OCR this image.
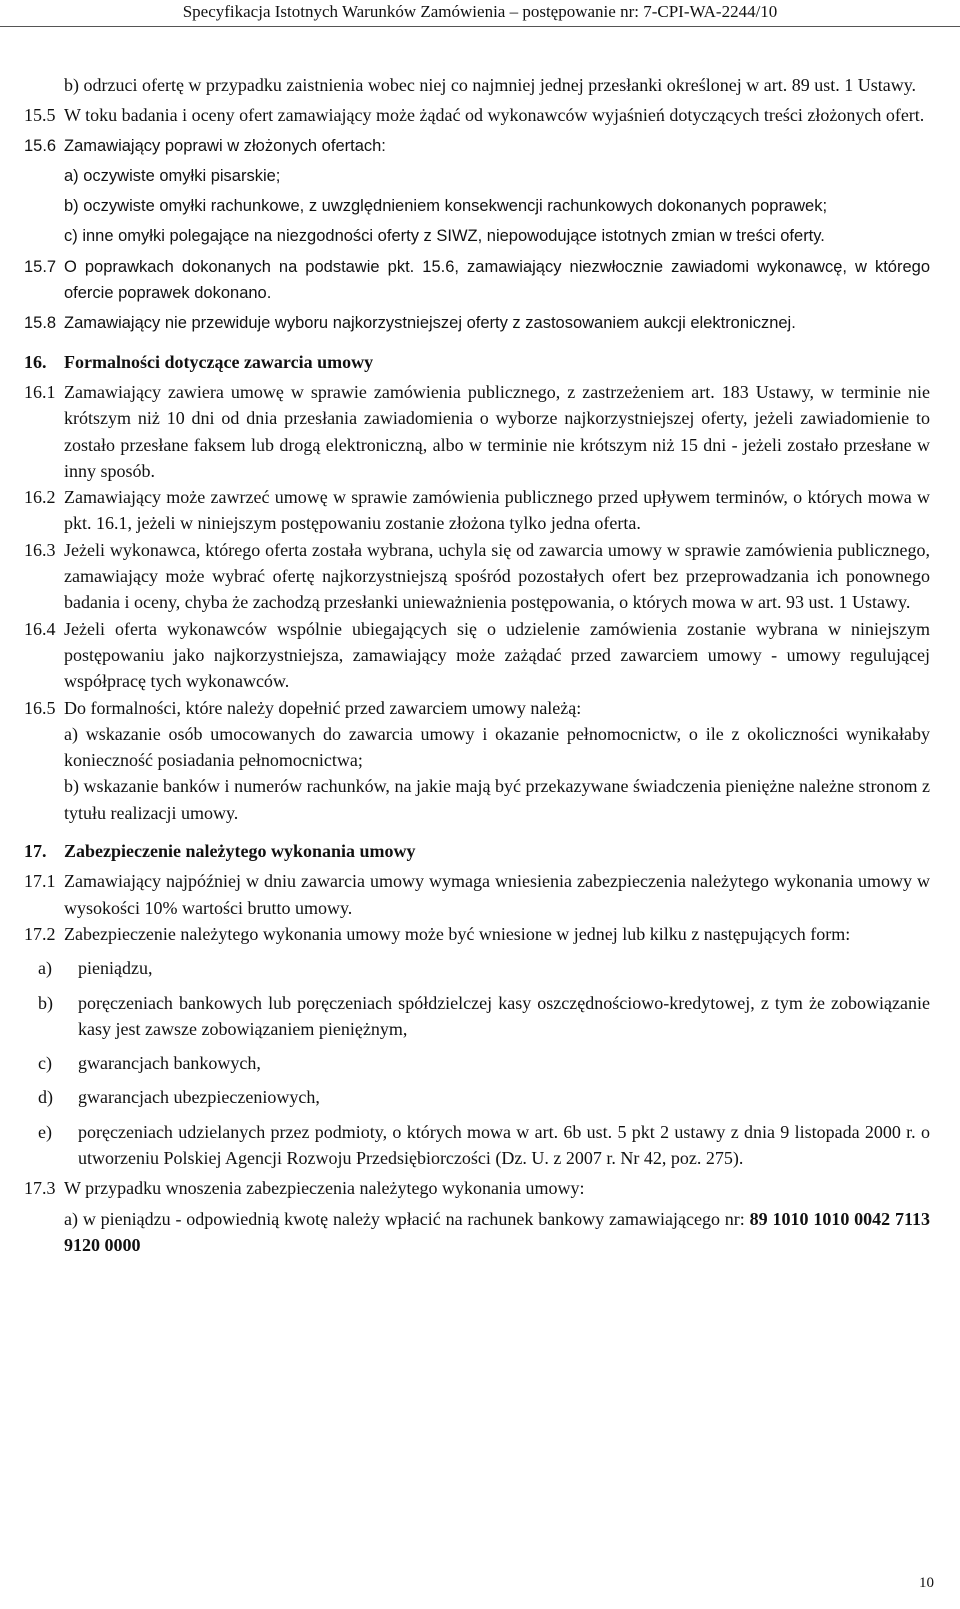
Specyfikacja Istotnych Warunków Zamówienia – postępowanie nr: 7-CPI-WA-2244/10
b) odrzuci ofertę w przypadku zaistnienia wobec niej co najmniej jednej przesłanki określonej w art. 89 ust. 1 Ustawy.
15.5 W toku badania i oceny ofert zamawiający może żądać od wykonawców wyjaśnień dotyczących treści złożonych ofert.
15.6 Zamawiający poprawi w złożonych ofertach:
a) oczywiste omyłki pisarskie;
b) oczywiste omyłki rachunkowe, z uwzględnieniem konsekwencji rachunkowych dokonanych poprawek;
c) inne omyłki polegające na niezgodności oferty z SIWZ, niepowodujące istotnych zmian w treści oferty.
15.7 O poprawkach dokonanych na podstawie pkt. 15.6, zamawiający niezwłocznie zawiadomi wykonawcę, w którego ofercie poprawek dokonano.
15.8 Zamawiający nie przewiduje wyboru najkorzystniejszej oferty z zastosowaniem aukcji elektronicznej.
16. Formalności dotyczące zawarcia umowy
16.1 Zamawiający zawiera umowę w sprawie zamówienia publicznego, z zastrzeżeniem art. 183 Ustawy, w terminie nie krótszym niż 10 dni od dnia przesłania zawiadomienia o wyborze najkorzystniejszej oferty, jeżeli zawiadomienie to zostało przesłane faksem lub drogą elektroniczną, albo w terminie nie krótszym niż 15 dni - jeżeli zostało przesłane w inny sposób.
16.2 Zamawiający może zawrzeć umowę w sprawie zamówienia publicznego przed upływem terminów, o których mowa w pkt. 16.1, jeżeli w niniejszym postępowaniu zostanie złożona tylko jedna oferta.
16.3 Jeżeli wykonawca, którego oferta została wybrana, uchyla się od zawarcia umowy w sprawie zamówienia publicznego, zamawiający może wybrać ofertę najkorzystniejszą spośród pozostałych ofert bez przeprowadzania ich ponownego badania i oceny, chyba że zachodzą przesłanki unieważnienia postępowania, o których mowa w art. 93 ust. 1 Ustawy.
16.4 Jeżeli oferta wykonawców wspólnie ubiegających się o udzielenie zamówienia zostanie wybrana w niniejszym postępowaniu jako najkorzystniejsza, zamawiający może zażądać przed zawarciem umowy - umowy regulującej współpracę tych wykonawców.
16.5 Do formalności, które należy dopełnić przed zawarciem umowy należą:
a) wskazanie osób umocowanych do zawarcia umowy i okazanie pełnomocnictw, o ile z okoliczności wynikałaby konieczność posiadania pełnomocnictwa;
b) wskazanie banków i numerów rachunków, na jakie mają być przekazywane świadczenia pieniężne należne stronom z tytułu realizacji umowy.
17. Zabezpieczenie należytego wykonania umowy
17.1 Zamawiający najpóźniej w dniu zawarcia umowy wymaga wniesienia zabezpieczenia należytego wykonania umowy w wysokości 10% wartości brutto umowy.
17.2 Zabezpieczenie należytego wykonania umowy może być wniesione w jednej lub kilku z następujących form:
a)	pieniądzu,
b)	poręczeniach bankowych lub poręczeniach spółdzielczej kasy oszczędnościowo-kredytowej, z tym że zobowiązanie kasy jest zawsze zobowiązaniem pieniężnym,
c)	gwarancjach bankowych,
d)	gwarancjach ubezpieczeniowych,
e)	poręczeniach udzielanych przez podmioty, o których mowa w art. 6b ust. 5 pkt 2 ustawy z dnia 9 listopada 2000 r. o utworzeniu Polskiej Agencji Rozwoju Przedsiębiorczości (Dz. U. z 2007 r. Nr 42, poz. 275).
17.3 W przypadku wnoszenia zabezpieczenia należytego wykonania umowy:
a) w pieniądzu - odpowiednią kwotę należy wpłacić na rachunek bankowy zamawiającego nr: 89 1010 1010 0042 7113 9120 0000
10
